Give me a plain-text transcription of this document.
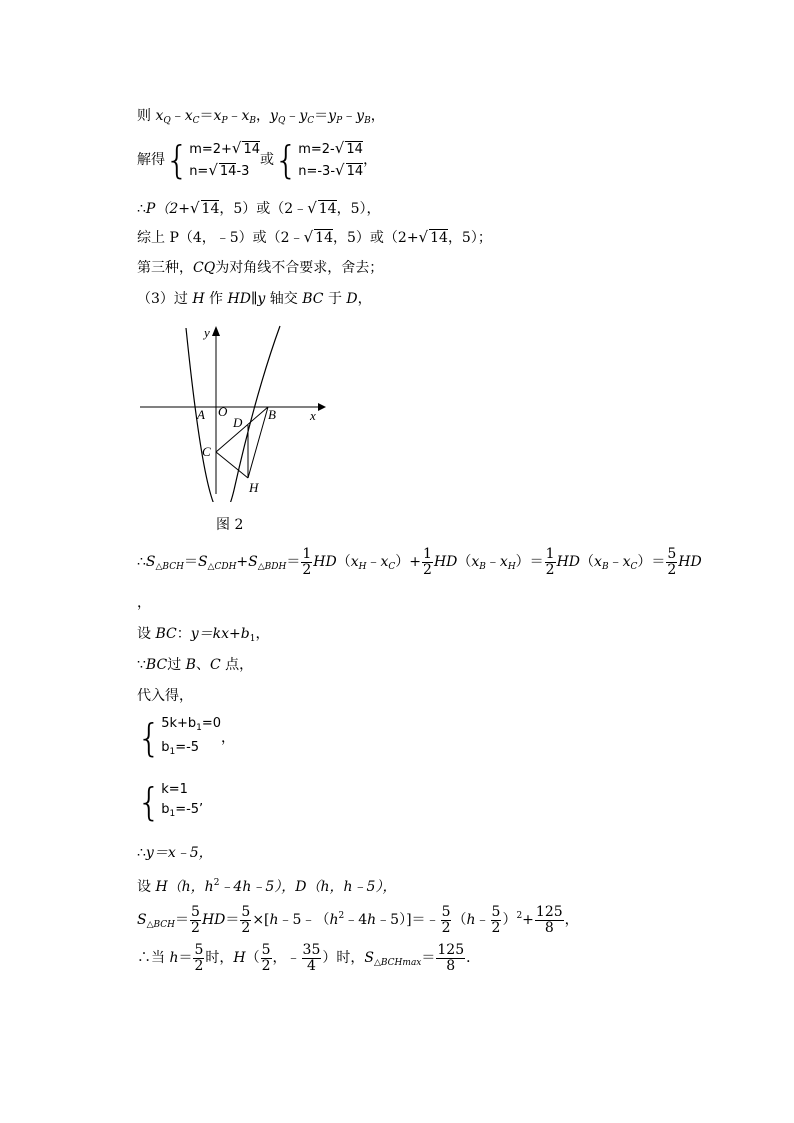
则 $x_Q﹣x_C=x_P﹣x_B$，$y_Q﹣y_C=y_P﹣y_B$，
解得{ m=2+√ 14
n=√ 14-3
或{ m=2-√ 14
n=-3-√ 14
，
∴P（2+√ 14，5）或（2﹣√ 14，5），
综上 P（4，﹣5）或（2﹣√ 14，5）或（2+√ 14，5）；
第三种，CQ为对角线不合要求，舍去；
（3）过 H 作 HD∥y 轴交 BC 于 D，
y
x
A O	B
D
C
H
图 2
$\therefore S_{\triangle BCH}=S_{\triangle CDH}+S_{\triangle BDH}= \frac{1}{2}$ $HD(x_H﹣x_C)+ \frac{1}{2}$ $HD(x_B﹣x_H)= \frac{1}{2}$ $HD(x_B﹣x_C)= \frac{5}{2}$ HD
，
设 BC：$y=kx+b_1$，
∵BC过 B、C 点，
代入得，
{ $5k+b_1=0$
$b_1=-5$
，
{ k=1
$b_1=-5$’
∴y＝x﹣5，
设 H（h，$h^2﹣4h﹣5$），D（h，h﹣5），
$S_{\triangle BCH}= \frac{5}{2} HD= \frac{5}{2}$ $\times[h﹣5﹣(h^2﹣4h﹣5)]=﹣ \frac{5}{2}$ （h﹣ $\frac{5}{2} )^2+ \frac{125}{8}$ ，
∴当 $h= \frac{5}{2}$ 时，$H( \frac{5}{2}$ ，﹣ $\frac{35}{4}$ ）时，$S_{\triangle BCHmax}= \frac{125}{8}$ ．
